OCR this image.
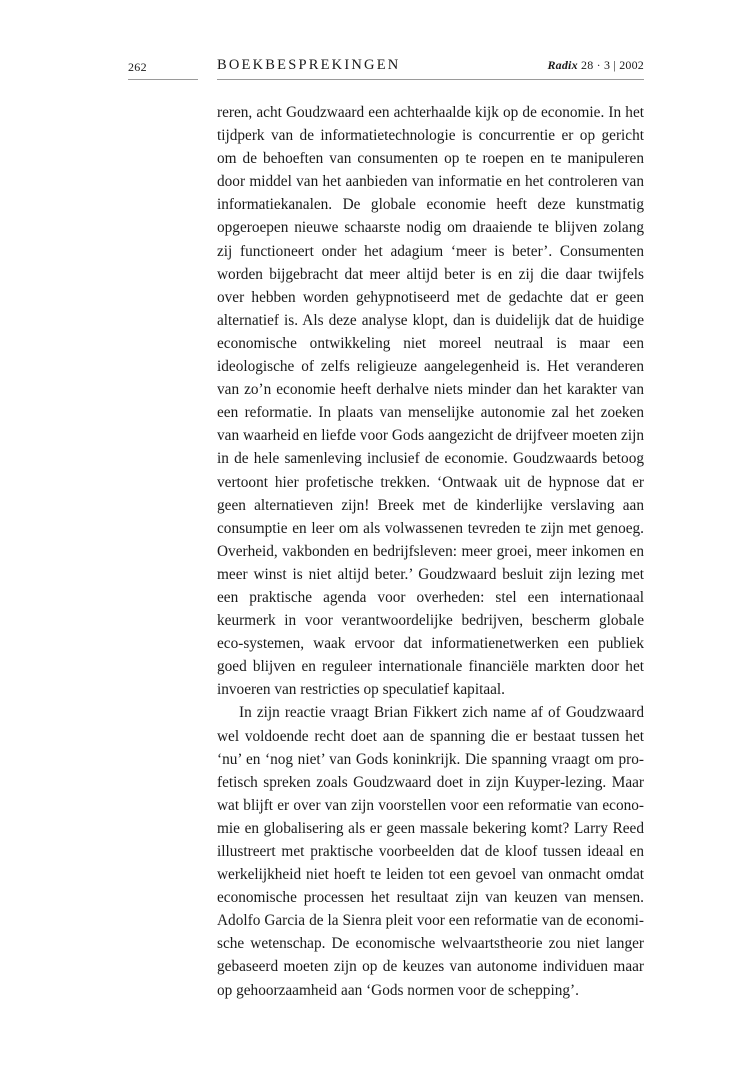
262	BOEKBESPREKINGEN	Radix 28 · 3 | 2002

reren, acht Goudzwaard een achterhaalde kijk op de economie. In het tijdperk van de informatietechnologie is concurrentie er op gericht om de behoeften van consumenten op te roepen en te manipuleren door middel van het aanbieden van informatie en het controleren van informatiekanalen. De globale economie heeft deze kunstmatig opgeroepen nieuwe schaarste nodig om draaiende te blijven zolang zij functioneert onder het adagium ‘meer is beter’. Consumenten worden bijgebracht dat meer altijd beter is en zij die daar twijfels over hebben worden gehypnotiseerd met de gedachte dat er geen alternatief is. Als deze analyse klopt, dan is duidelijk dat de huidige economische ontwikkeling niet moreel neutraal is maar een ideologische of zelfs religieuze aangelegenheid is. Het veranderen van zo’n economie heeft derhalve niets minder dan het karakter van een reformatie. In plaats van menselijke autonomie zal het zoeken van waarheid en liefde voor Gods aangezicht de drijfveer moeten zijn in de hele samenleving inclusief de economie. Goudzwaards betoog vertoont hier profetische trekken. ‘Ontwaak uit de hypnose dat er geen alternatieven zijn! Breek met de kinderlijke verslaving aan consumptie en leer om als volwassenen tevreden te zijn met genoeg. Overheid, vakbonden en bedrijfsleven: meer groei, meer inkomen en meer winst is niet altijd beter.’ Goudzwaard besluit zijn lezing met een praktische agenda voor overheden: stel een internationaal keurmerk in voor verantwoordelijke bedrijven, bescherm globale eco-systemen, waak ervoor dat informatienetwerken een publiek goed blijven en reguleer internationale financiële markten door het invoeren van restricties op speculatief kapitaal.

In zijn reactie vraagt Brian Fikkert zich name af of Goudzwaard wel voldoende recht doet aan de spanning die er bestaat tussen het ‘nu’ en ‘nog niet’ van Gods koninkrijk. Die spanning vraagt om profetisch spreken zoals Goudzwaard doet in zijn Kuyper-lezing. Maar wat blijft er over van zijn voorstellen voor een reformatie van economie en globalisering als er geen massale bekering komt? Larry Reed illustreert met praktische voorbeelden dat de kloof tussen ideaal en werkelijkheid niet hoeft te leiden tot een gevoel van onmacht omdat economische processen het resultaat zijn van keuzen van mensen. Adolfo Garcia de la Sienra pleit voor een reformatie van de economische wetenschap. De economische welvaartstheorie zou niet langer gebaseerd moeten zijn op de keuzes van autonome individuen maar op gehoorzaamheid aan ‘Gods normen voor de schepping’.
